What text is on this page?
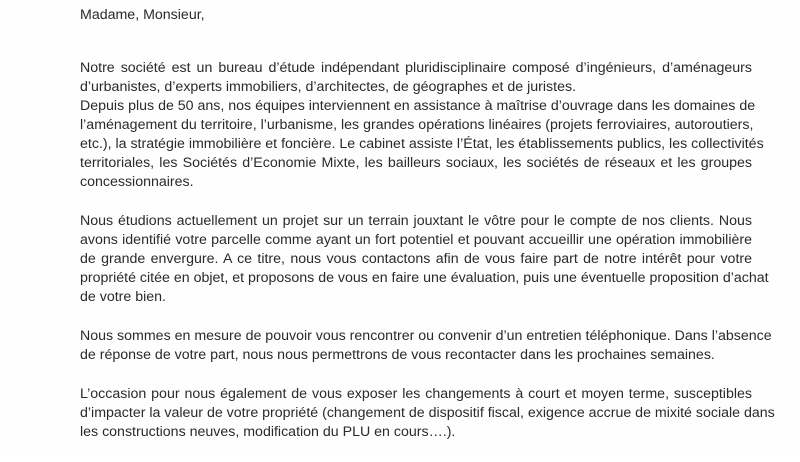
Madame, Monsieur,
Notre société est un bureau d’étude indépendant pluridisciplinaire composé d’ingénieurs, d’aménageurs
d’urbanistes, d’experts immobiliers, d’architectes, de géographes et de juristes.
Depuis plus de 50 ans, nos équipes interviennent en assistance à maîtrise d’ouvrage dans les domaines de
l’aménagement du territoire, l’urbanisme, les grandes opérations linéaires (projets ferroviaires, autoroutiers,
etc.), la stratégie immobilière et foncière. Le cabinet assiste l’État, les établissements publics, les collectivités
territoriales, les Sociétés d’Economie Mixte, les bailleurs sociaux, les sociétés de réseaux et les groupes
concessionnaires.
Nous étudions actuellement un projet sur un terrain jouxtant le vôtre pour le compte de nos clients. Nous
avons identifié votre parcelle comme ayant un fort potentiel et pouvant accueillir une opération immobilière
de grande envergure. A ce titre, nous vous contactons afin de vous faire part de notre intérêt pour votre
propriété citée en objet, et proposons de vous en faire une évaluation, puis une éventuelle proposition d’achat
de votre bien.
Nous sommes en mesure de pouvoir vous rencontrer ou convenir d’un entretien téléphonique. Dans l’absence
de réponse de votre part, nous nous permettrons de vous recontacter dans les prochaines semaines.
L’occasion pour nous également de vous exposer les changements à court et moyen terme, susceptibles
d’impacter la valeur de votre propriété (changement de dispositif fiscal, exigence accrue de mixité sociale dans
les constructions neuves, modification du PLU en cours….).
